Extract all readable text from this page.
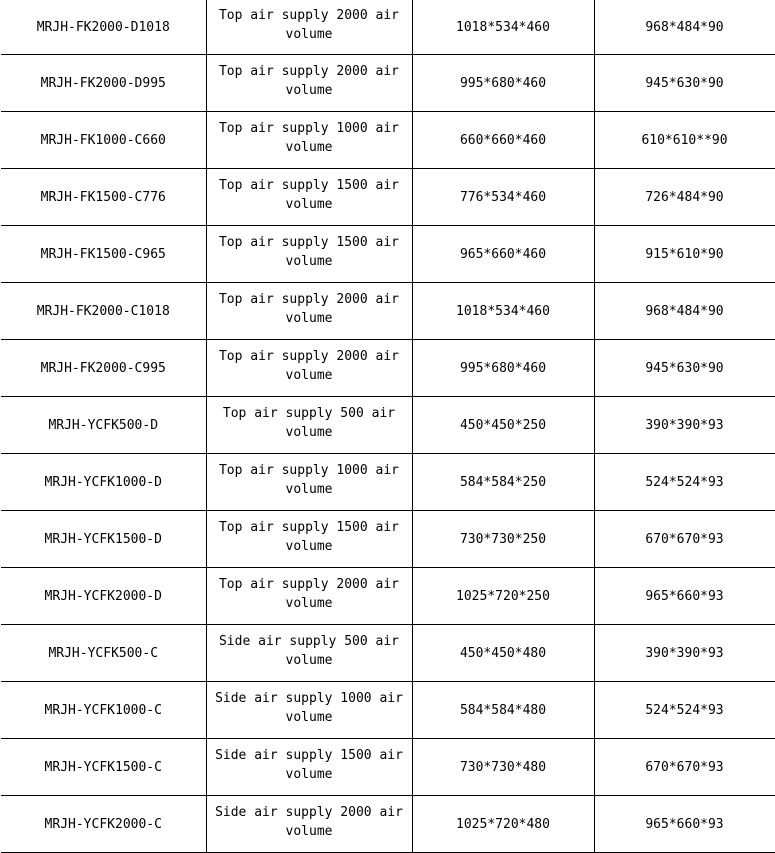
MRJH-FK2000-D1018	Top air supply 2000 air volume	1018*534*460	968*484*90
MRJH-FK2000-D995	Top air supply 2000 air volume	995*680*460	945*630*90
MRJH-FK1000-C660	Top air supply 1000 air volume	660*660*460	610*610**90
MRJH-FK1500-C776	Top air supply 1500 air volume	776*534*460	726*484*90
MRJH-FK1500-C965	Top air supply 1500 air volume	965*660*460	915*610*90
MRJH-FK2000-C1018	Top air supply 2000 air volume	1018*534*460	968*484*90
MRJH-FK2000-C995	Top air supply 2000 air volume	995*680*460	945*630*90
MRJH-YCFK500-D	Top air supply 500 air volume	450*450*250	390*390*93
MRJH-YCFK1000-D	Top air supply 1000 air volume	584*584*250	524*524*93
MRJH-YCFK1500-D	Top air supply 1500 air volume	730*730*250	670*670*93
MRJH-YCFK2000-D	Top air supply 2000 air volume	1025*720*250	965*660*93
MRJH-YCFK500-C	Side air supply 500 air volume	450*450*480	390*390*93
MRJH-YCFK1000-C	Side air supply 1000 air volume	584*584*480	524*524*93
MRJH-YCFK1500-C	Side air supply 1500 air volume	730*730*480	670*670*93
MRJH-YCFK2000-C	Side air supply 2000 air volume	1025*720*480	965*660*93
